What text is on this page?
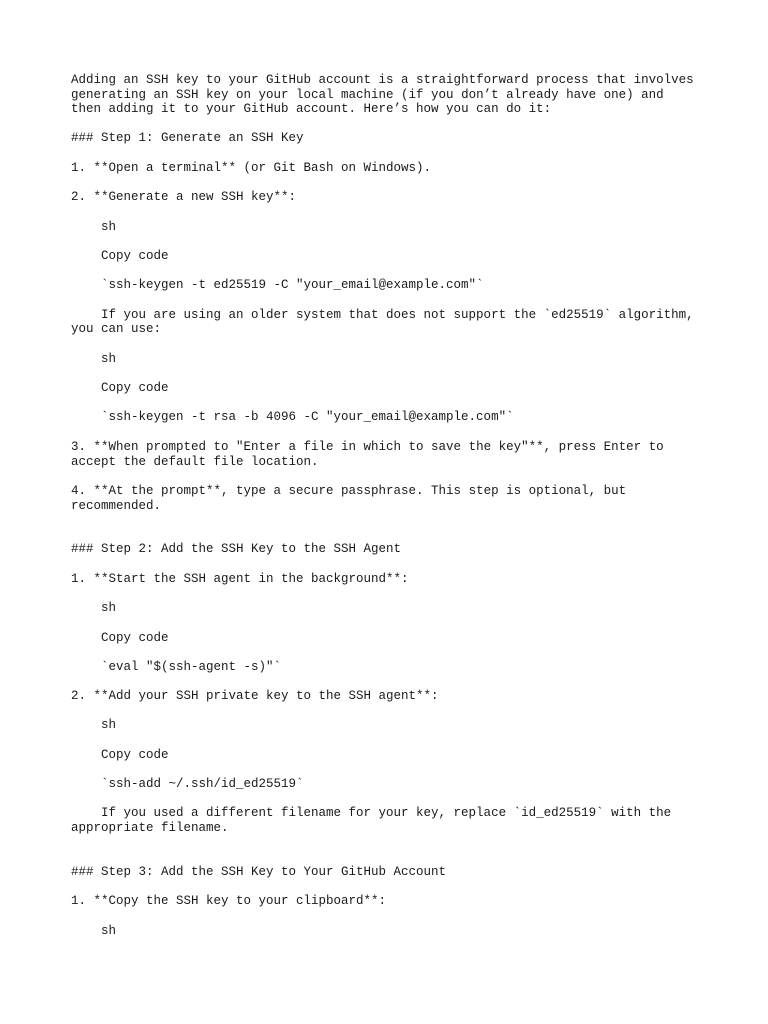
Adding an SSH key to your GitHub account is a straightforward process that involves
generating an SSH key on your local machine (if you don’t already have one) and
then adding it to your GitHub account. Here’s how you can do it:
### Step 1: Generate an SSH Key
1. **Open a terminal** (or Git Bash on Windows).
2. **Generate a new SSH key**:
sh
Copy code
`ssh-keygen -t ed25519 -C "your_email@example.com"`
If you are using an older system that does not support the `ed25519` algorithm,
you can use:
sh
Copy code
`ssh-keygen -t rsa -b 4096 -C "your_email@example.com"`
3. **When prompted to "Enter a file in which to save the key"**, press Enter to
accept the default file location.
4. **At the prompt**, type a secure passphrase. This step is optional, but
recommended.
### Step 2: Add the SSH Key to the SSH Agent
1. **Start the SSH agent in the background**:
sh
Copy code
`eval "$(ssh-agent -s)"`
2. **Add your SSH private key to the SSH agent**:
sh
Copy code
`ssh-add ~/.ssh/id_ed25519`
If you used a different filename for your key, replace `id_ed25519` with the
appropriate filename.
### Step 3: Add the SSH Key to Your GitHub Account
1. **Copy the SSH key to your clipboard**:
sh
